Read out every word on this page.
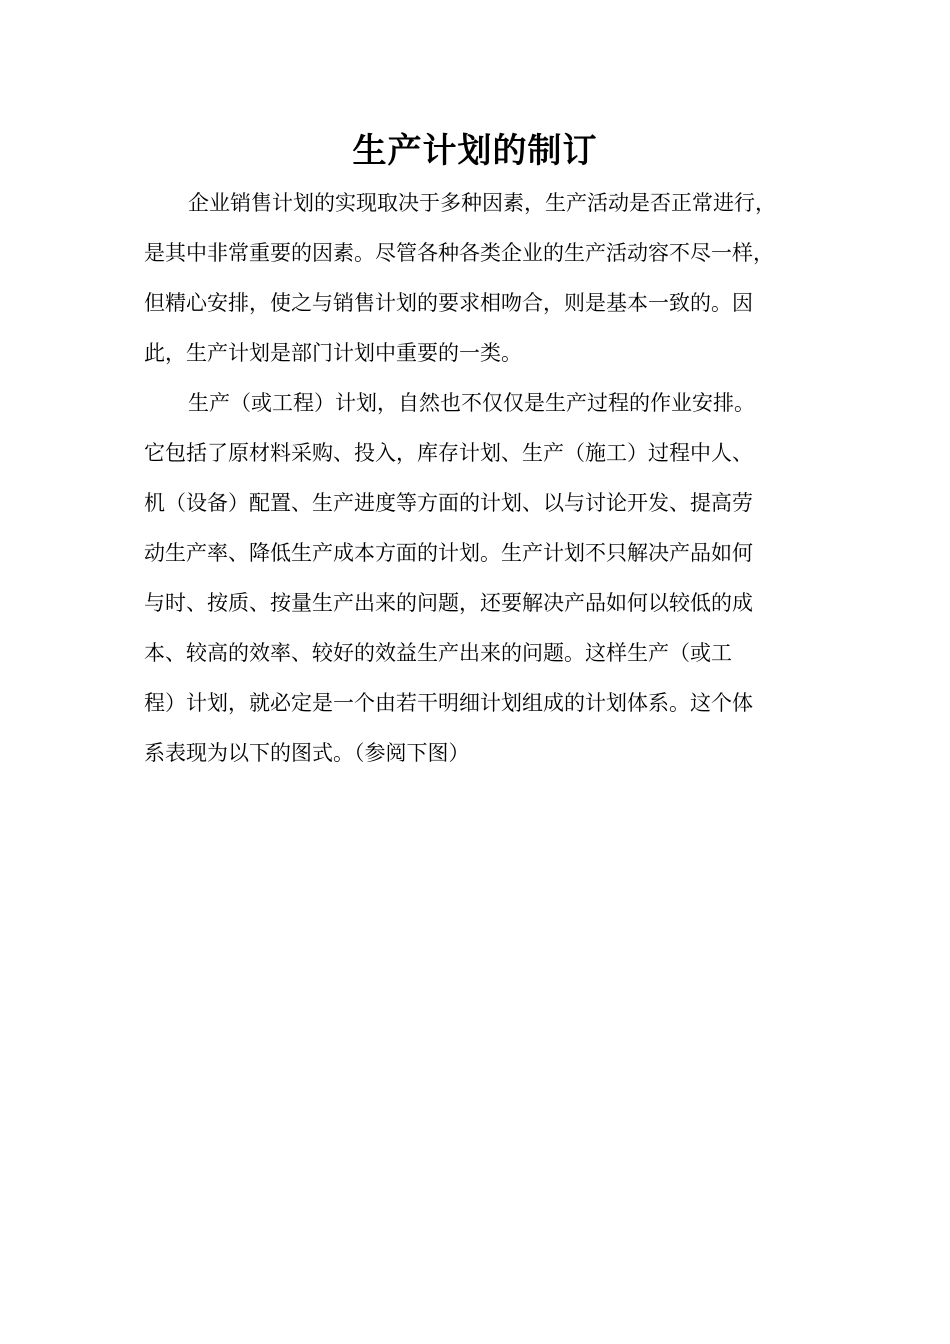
生产计划的制订

企业销售计划的实现取决于多种因素，生产活动是否正常进行，
是其中非常重要的因素。尽管各种各类企业的生产活动容不尽一样，
但精心安排，使之与销售计划的要求相吻合，则是基本一致的。因
此，生产计划是部门计划中重要的一类。

生产（或工程）计划，自然也不仅仅是生产过程的作业安排。
它包括了原材料采购、投入，库存计划、生产（施工）过程中人、
机（设备）配置、生产进度等方面的计划、以与讨论开发、提高劳
动生产率、降低生产成本方面的计划。生产计划不只解决产品如何
与时、按质、按量生产出来的问题，还要解决产品如何以较低的成
本、较高的效率、较好的效益生产出来的问题。这样生产（或工
程）计划，就必定是一个由若干明细计划组成的计划体系。这个体
系表现为以下的图式。（参阅下图）
